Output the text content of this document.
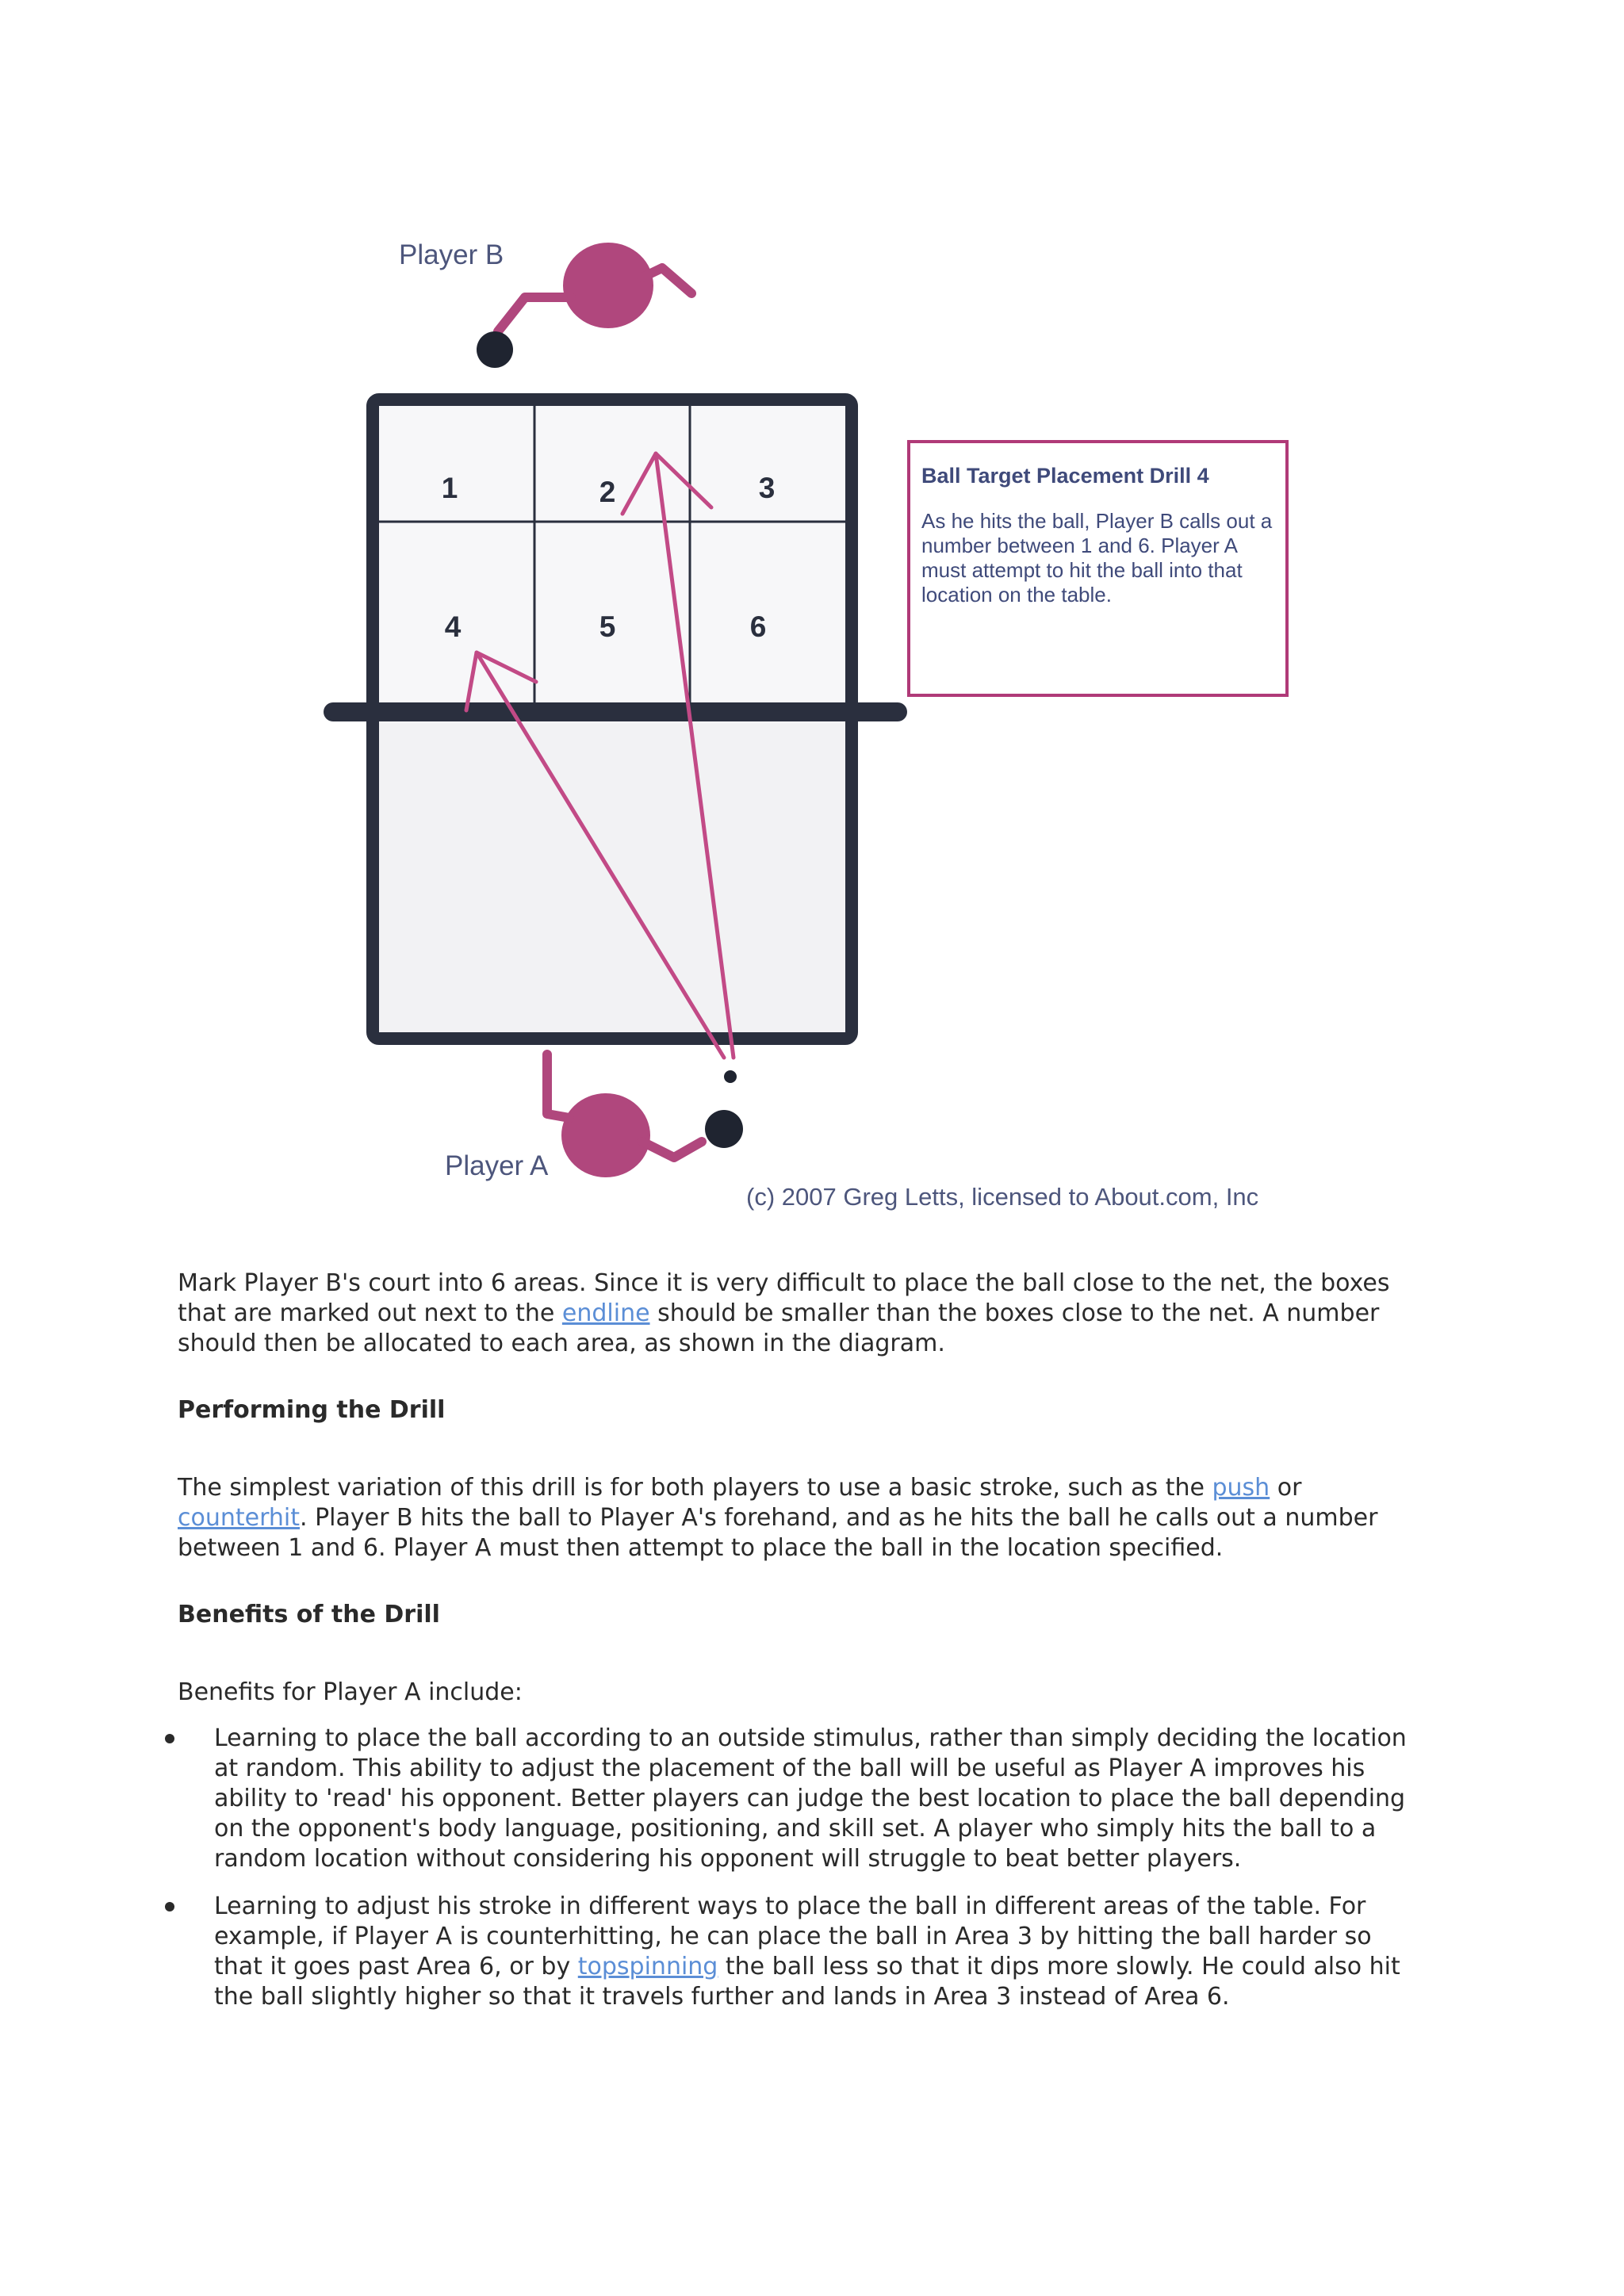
Player B
1	2	3
4	5	6
Player A

Ball Target Placement Drill 4

As he hits the ball, Player B calls out a number between 1 and 6. Player A must attempt to hit the ball into that location on the table.

(c) 2007 Greg Letts, licensed to About.com, Inc

Mark Player B's court into 6 areas. Since it is very difficult to place the ball close to the net, the boxes that are marked out next to the endline should be smaller than the boxes close to the net. A number should then be allocated to each area, as shown in the diagram.

Performing the Drill

The simplest variation of this drill is for both players to use a basic stroke, such as the push or counterhit. Player B hits the ball to Player A's forehand, and as he hits the ball he calls out a number between 1 and 6. Player A must then attempt to place the ball in the location specified.

Benefits of the Drill

Benefits for Player A include:

Learning to place the ball according to an outside stimulus, rather than simply deciding the location at random. This ability to adjust the placement of the ball will be useful as Player A improves his ability to 'read' his opponent. Better players can judge the best location to place the ball depending on the opponent's body language, positioning, and skill set. A player who simply hits the ball to a random location without considering his opponent will struggle to beat better players.
Learning to adjust his stroke in different ways to place the ball in different areas of the table. For example, if Player A is counterhitting, he can place the ball in Area 3 by hitting the ball harder so that it goes past Area 6, or by topspinning the ball less so that it dips more slowly. He could also hit the ball slightly higher so that it travels further and lands in Area 3 instead of Area 6.
